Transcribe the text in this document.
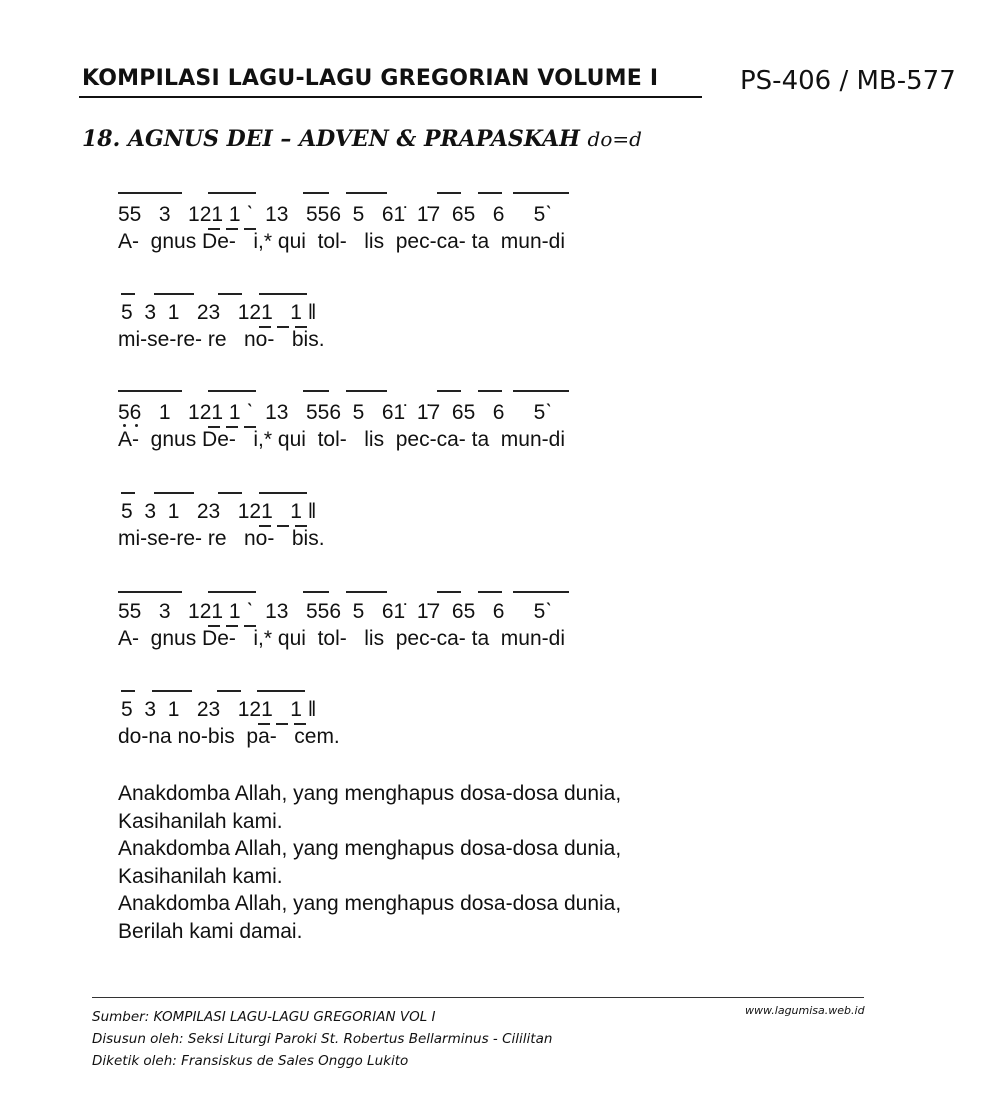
KOMPILASI LAGU-LAGU GREGORIAN VOLUME I	PS-406 / MB-577
18. AGNUS DEI – ADVEN & PRAPASKAH do=d
55   3   121 1 ˋ  13   556  5   61̇  1̇7  65   6     5ˋ
A-  gnus De-   i,* qui  tol-   lis  pec-ca- ta  mun-di
5  3  1   23   121   1 ‖
mi-se-re- re   no-   bis.
56   1   121 1 ˋ  13   556  5   61̇  1̇7  65   6     5ˋ
A-  gnus De-   i,* qui  tol-   lis  pec-ca- ta  mun-di
5  3  1   23   121   1 ‖
mi-se-re- re   no-   bis.
55   3   121 1 ˋ  13   556  5   61̇  1̇7  65   6     5ˋ
A-  gnus De-   i,* qui  tol-   lis  pec-ca- ta  mun-di
5  3  1   23   121   1 ‖
do-na no-bis  pa-   cem.
Anakdomba Allah, yang menghapus dosa-dosa dunia,
Kasihanilah kami.
Anakdomba Allah, yang menghapus dosa-dosa dunia,
Kasihanilah kami.
Anakdomba Allah, yang menghapus dosa-dosa dunia,
Berilah kami damai.
Sumber: KOMPILASI LAGU-LAGU GREGORIAN VOL I
Disusun oleh: Seksi Liturgi Paroki St. Robertus Bellarminus - Cililitan
Diketik oleh: Fransiskus de Sales Onggo Lukito
www.lagumisa.web.id
